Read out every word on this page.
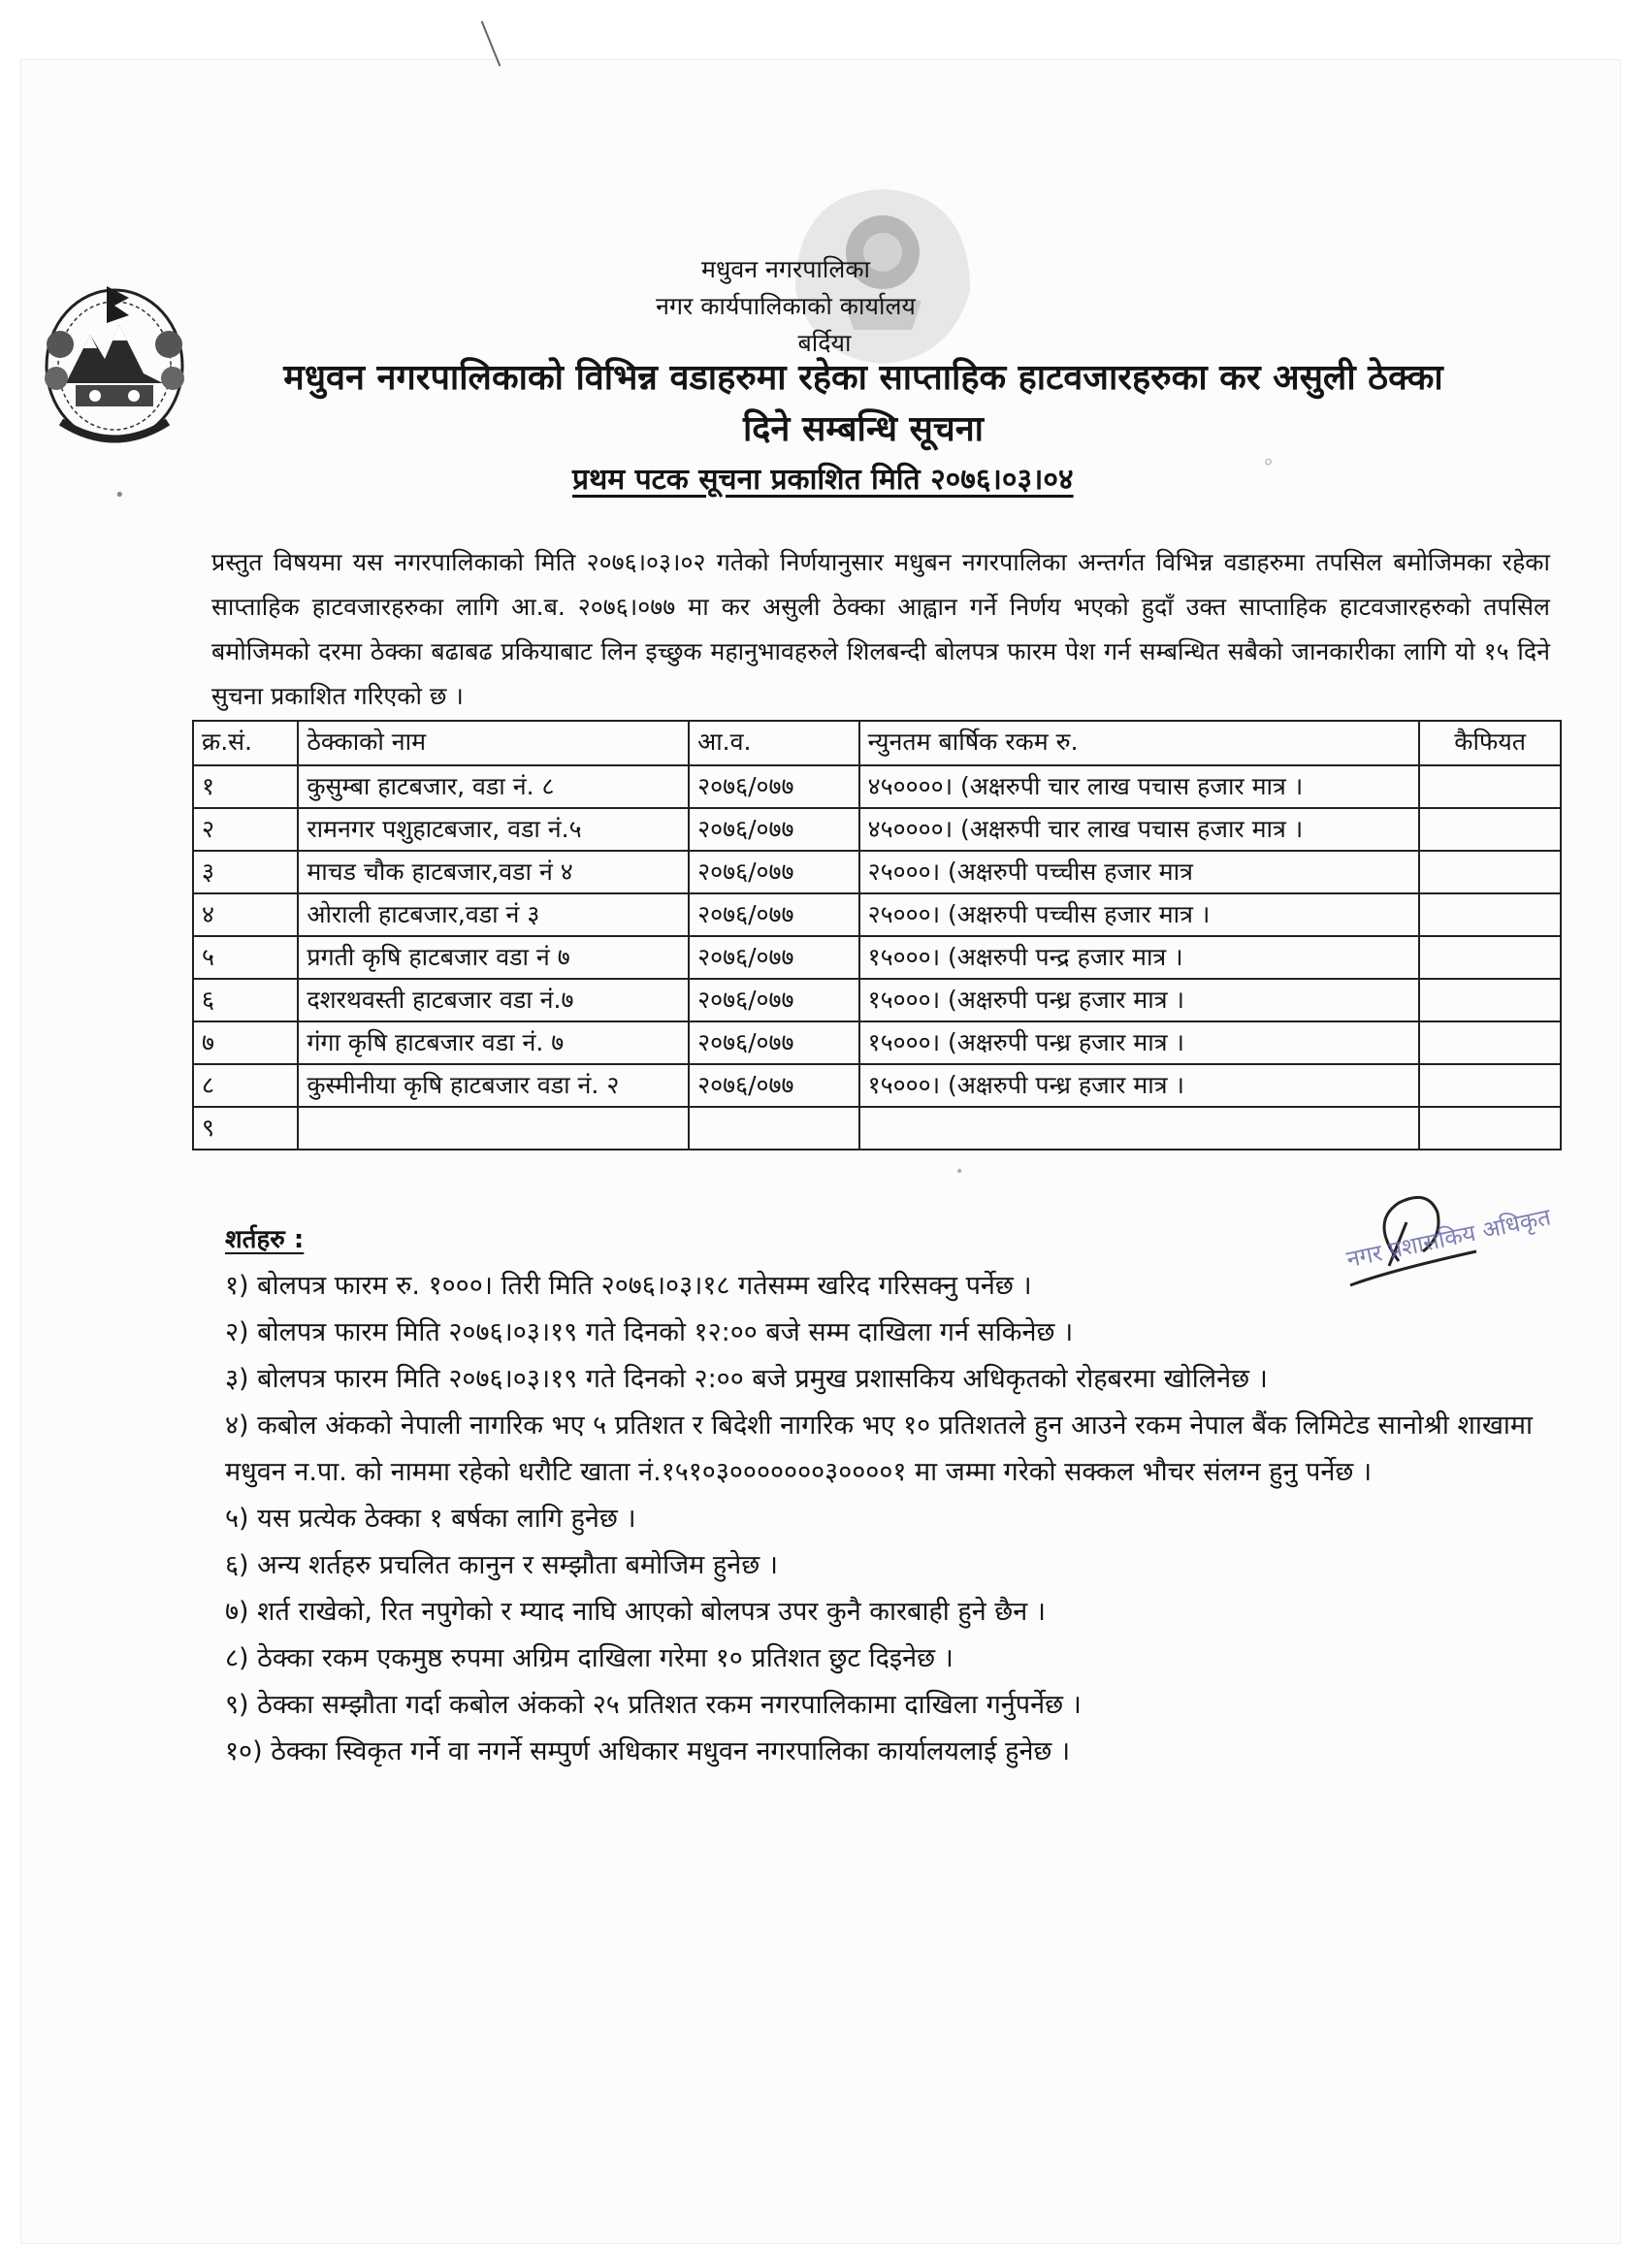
मधुवन नगरपालिका
नगर कार्यपालिकाको कार्यालय
बर्दिया
मधुवन नगरपालिकाको विभिन्न वडाहरुमा रहेका साप्ताहिक हाटवजारहरुका कर असुली ठेक्का
दिने सम्बन्धि सूचना
प्रथम पटक सूचना प्रकाशित मिति २०७६।०३।०४

प्रस्तुत विषयमा यस नगरपालिकाको मिति २०७६।०३।०२ गतेको निर्णयानुसार मधुबन नगरपालिका अन्तर्गत विभिन्न वडाहरुमा तपसिल बमोजिमका रहेका साप्ताहिक हाटवजारहरुका लागि आ.ब. २०७६।०७७ मा कर असुली ठेक्का आह्वान गर्ने निर्णय भएको हुदाँ उक्त साप्ताहिक हाटवजारहरुको तपसिल बमोजिमको दरमा ठेक्का बढाबढ प्रकियाबाट लिन इच्छुक महानुभावहरुले शिलबन्दी बोलपत्र फारम पेश गर्न सम्बन्धित सबैको जानकारीका लागि यो १५ दिने सुचना प्रकाशित गरिएको छ ।

क्र.सं.	ठेक्काको नाम	आ.व.	न्युनतम बार्षिक रकम रु.	कैफियत
१	कुसुम्बा हाटबजार, वडा नं. ८	२०७६/०७७	४५००००। (अक्षरुपी चार लाख पचास हजार मात्र ।	
२	रामनगर पशुहाटबजार, वडा नं.५	२०७६/०७७	४५००००। (अक्षरुपी चार लाख पचास हजार मात्र ।	
३	माचड चौक हाटबजार,वडा नं ४	२०७६/०७७	२५०००। (अक्षरुपी पच्चीस हजार मात्र	
४	ओराली हाटबजार,वडा नं ३	२०७६/०७७	२५०००। (अक्षरुपी पच्चीस हजार मात्र ।	
५	प्रगती कृषि हाटबजार वडा नं ७	२०७६/०७७	१५०००। (अक्षरुपी पन्द्र हजार मात्र ।	
६	दशरथवस्ती हाटबजार वडा नं.७	२०७६/०७७	१५०००। (अक्षरुपी पन्ध्र हजार मात्र ।	
७	गंगा कृषि हाटबजार वडा नं. ७	२०७६/०७७	१५०००। (अक्षरुपी पन्ध्र हजार मात्र ।	
८	कुस्मीनीया कृषि हाटबजार वडा नं. २	२०७६/०७७	१५०००। (अक्षरुपी पन्ध्र हजार मात्र ।	
९				
शर्तहरु :
१) बोलपत्र फारम रु. १०००। तिरी मिति २०७६।०३।१८ गतेसम्म खरिद गरिसक्नु पर्नेछ ।
२) बोलपत्र फारम मिति २०७६।०३।१९ गते दिनको १२:०० बजे सम्म दाखिला गर्न सकिनेछ ।
३) बोलपत्र फारम मिति २०७६।०३।१९ गते दिनको २:०० बजे प्रमुख प्रशासकिय अधिकृतको रोहबरमा खोलिनेछ ।
४) कबोल अंकको नेपाली नागरिक भए ५ प्रतिशत र बिदेशी नागरिक भए १० प्रतिशतले हुन आउने रकम नेपाल बैंक लिमिटेड सानोश्री शाखामा मधुवन न.पा. को नाममा रहेको धरौटि खाता नं.१५१०३०००००००३००००१ मा जम्मा गरेको सक्कल भौचर संलग्न हुनु पर्नेछ ।
५) यस प्रत्येक ठेक्का १ बर्षका लागि हुनेछ ।
६) अन्य शर्तहरु प्रचलित कानुन र सम्झौता बमोजिम हुनेछ ।
७) शर्त राखेको, रित नपुगेको र म्याद नाघि आएको बोलपत्र उपर कुनै कारबाही हुने छैन ।
८) ठेक्का रकम एकमुष्ठ रुपमा अग्रिम दाखिला गरेमा १० प्रतिशत छुट दिइनेछ ।
९) ठेक्का सम्झौता गर्दा कबोल अंकको २५ प्रतिशत रकम नगरपालिकामा दाखिला गर्नुपर्नेछ ।
१०) ठेक्का स्विकृत गर्ने वा नगर्ने सम्पुर्ण अधिकार मधुवन नगरपालिका कार्यालयलाई हुनेछ ।
नगर प्रशासकिय अधिकृत
•
°
•
